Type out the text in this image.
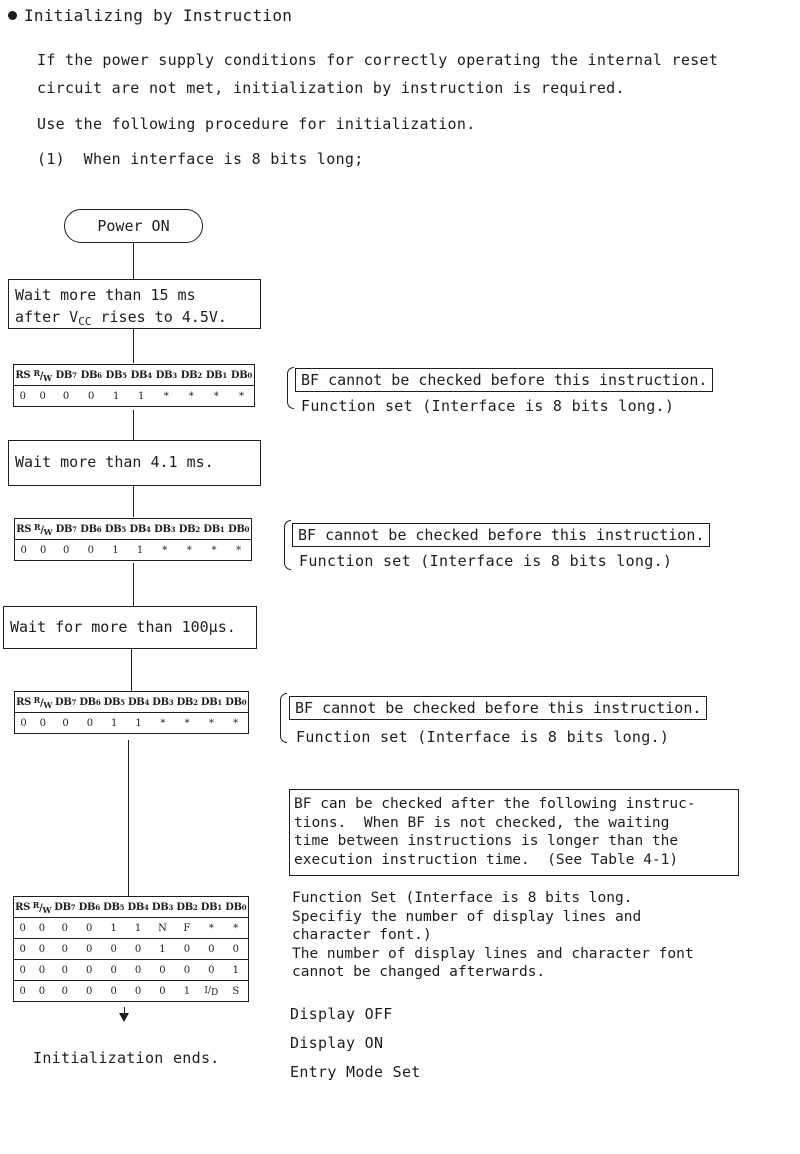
Initializing by Instruction
If the power supply conditions for correctly operating the internal reset
circuit are not met, initialization by instruction is required.
Use the following procedure for initialization.
(1)  When interface is 8 bits long;
Power ON
Wait more than 15 ms
after $V_{CC}$ rises to 4.5V.
RS	$^R/_W$	DB7	DB6	DB5	DB4	DB3	DB2	DB1	DB0
0	0	0	0	1	1	*	*	*	*
Wait more than 4.1 ms.
RS	$^R/_W$	DB7	DB6	DB5	DB4	DB3	DB2	DB1	DB0
0	0	0	0	1	1	*	*	*	*
Wait for more than 100μs.
RS	$^R/_W$	DB7	DB6	DB5	DB4	DB3	DB2	DB1	DB0
0	0	0	0	1	1	*	*	*	*
RS	$^R/_W$	DB7	DB6	DB5	DB4	DB3	DB2	DB1	DB0
0	0	0	0	1	1	N	F	*	*
0	0	0	0	0	0	1	0	0	0
0	0	0	0	0	0	0	0	0	1
0	0	0	0	0	0	0	1	I/D	S
Initialization ends.
BF cannot be checked before this instruction.
Function set (Interface is 8 bits long.)
BF cannot be checked before this instruction.
Function set (Interface is 8 bits long.)
BF cannot be checked before this instruction.
Function set (Interface is 8 bits long.)
BF can be checked after the following instruc-
tions.  When BF is not checked, the waiting
time between instructions is longer than the
execution instruction time.  (See Table 4-1)
Function Set (Interface is 8 bits long.
Specifiy the number of display lines and
character font.)
The number of display lines and character font
cannot be changed afterwards.
Display OFF
Display ON
Entry Mode Set
